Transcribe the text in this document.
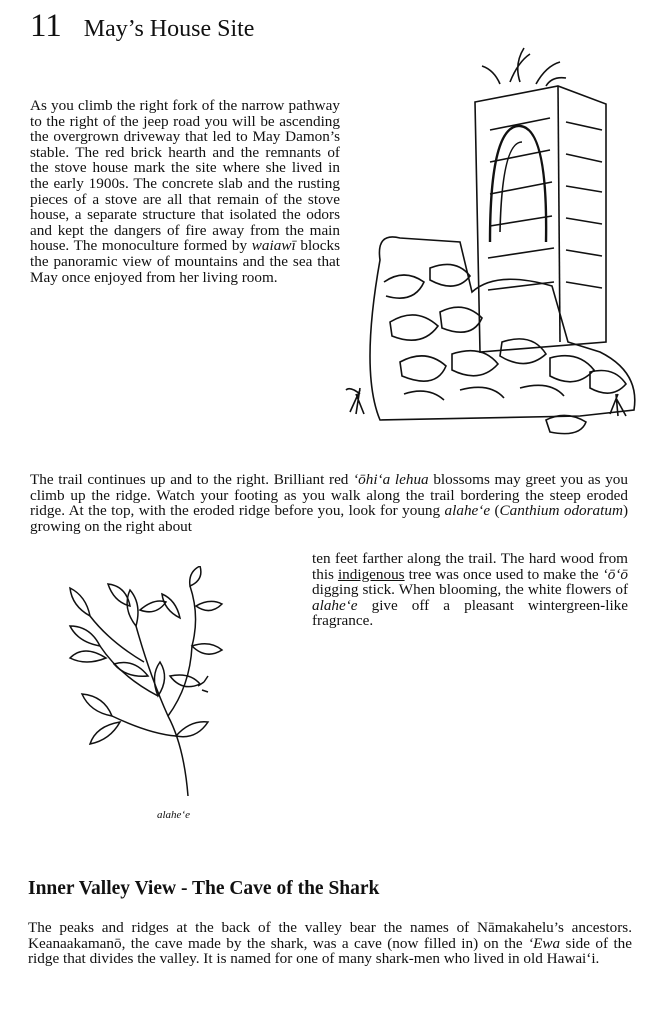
11 May’s House Site

As you climb the right fork of the narrow pathway to the right of the jeep road you will be ascending the overgrown driveway that led to May Damon’s stable. The red brick hearth and the remnants of the stove house mark the site where she lived in the early 1900s. The concrete slab and the rusting pieces of a stove are all that remain of the stove house, a separate structure that isolated the odors and kept the dangers of fire away from the main house. The monoculture formed by waiawī blocks the panoramic view of mountains and the sea that May once enjoyed from her living room.

The trail continues up and to the right. Brilliant red ‘ōhi‘a lehua blossoms may greet you as you climb up the ridge. Watch your footing as you walk along the trail bordering the steep eroded ridge. At the top, with the eroded ridge before you, look for young alahe‘e (Canthium odoratum) growing on the right about

ten feet farther along the trail. The hard wood from this indigenous tree was once used to make the ‘ō‘ō digging stick. When blooming, the white flowers of alahe‘e give off a pleasant wintergreen-like fragrance.

alahe‘e
Inner Valley View - The Cave of the Shark

The peaks and ridges at the back of the valley bear the names of Nāmakahelu’s ancestors. Keanaakamanō, the cave made by the shark, was a cave (now filled in) on the ‘Ewa side of the ridge that divides the valley. It is named for one of many shark-men who lived in old Hawai‘i.
